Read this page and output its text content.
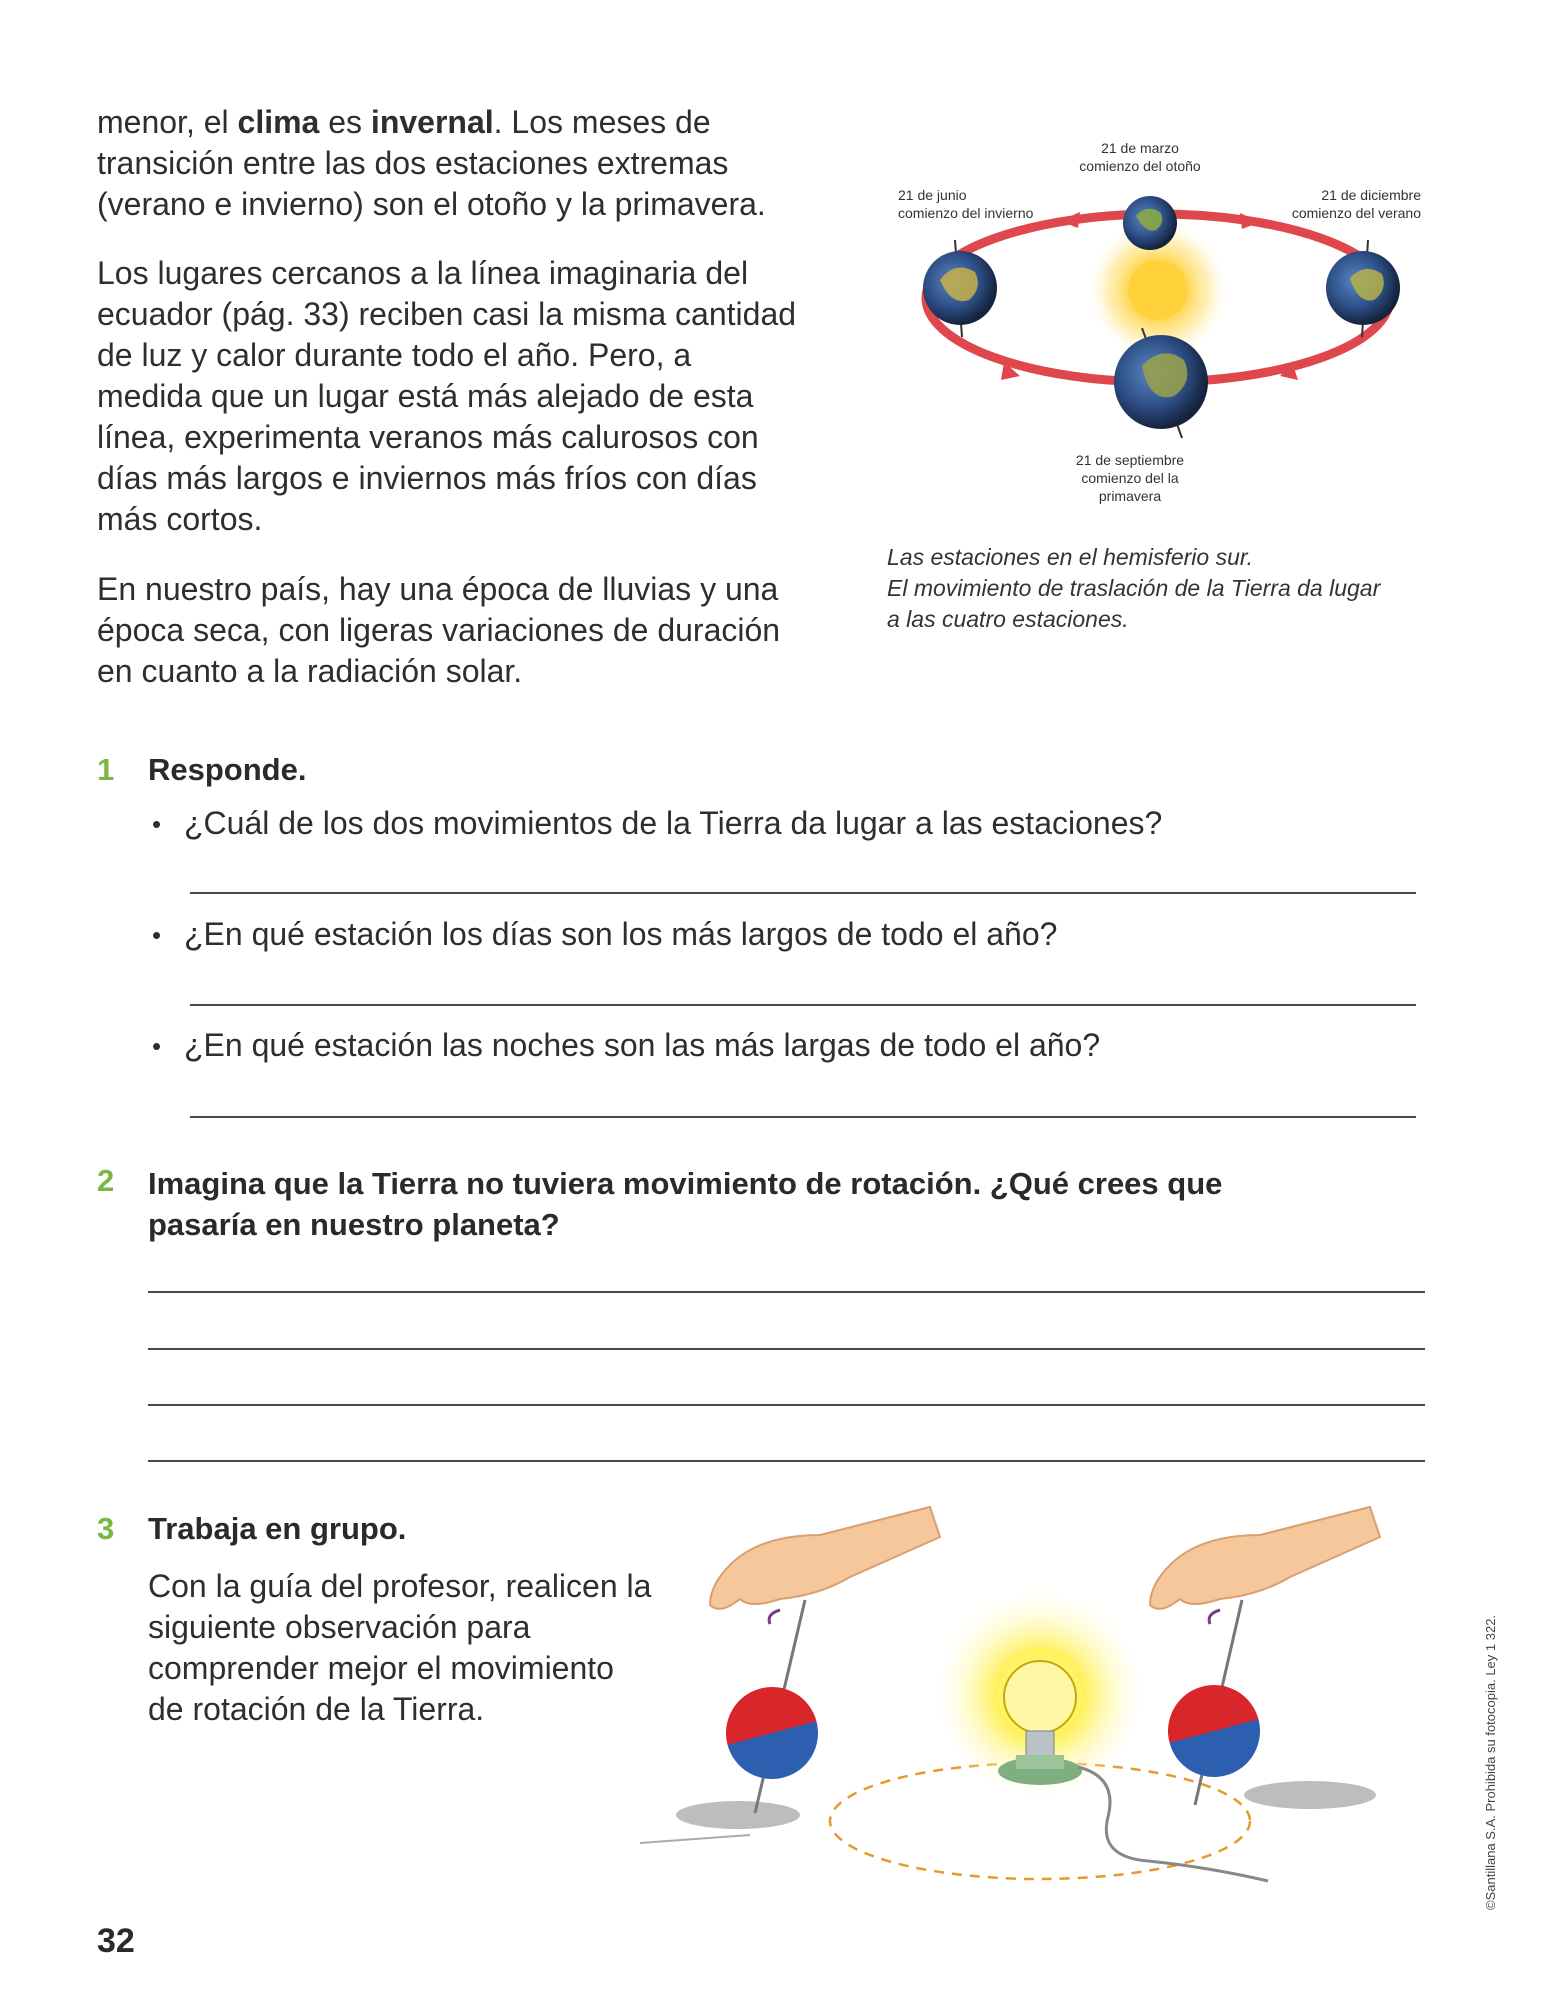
menor, el clima es invernal. Los meses de transición entre las dos estaciones extremas (verano e invierno) son el otoño y la primavera.

Los lugares cercanos a la línea imaginaria del ecuador (pág. 33) reciben casi la misma cantidad de luz y calor durante todo el año. Pero, a medida que un lugar está más alejado de esta línea, experimenta veranos más calurosos con días más largos e inviernos más fríos con días más cortos.

En nuestro país, hay una época de lluvias y una época seca, con ligeras variaciones de duración en cuanto a la radiación solar.

21 de marzo
comienzo del otoño
21 de junio
comienzo del invierno
21 de diciembre
comienzo del verano
21 de septiembre
comienzo del la
primavera
Las estaciones en el hemisferio sur.
El movimiento de traslación de la Tierra da lugar
a las cuatro estaciones.
1 Responde.
• ¿Cuál de los dos movimientos de la Tierra da lugar a las estaciones?
• ¿En qué estación los días son los más largos de todo el año?
• ¿En qué estación las noches son las más largas de todo el año?
2 Imagina que la Tierra no tuviera movimiento de rotación. ¿Qué crees que
pasaría en nuestro planeta?
3 Trabaja en grupo.

Con la guía del profesor, realicen la siguiente observación para comprender mejor el movimiento de rotación de la Tierra.	©Santillana S.A. Prohibida su fotocopia. Ley 1 322.
32
